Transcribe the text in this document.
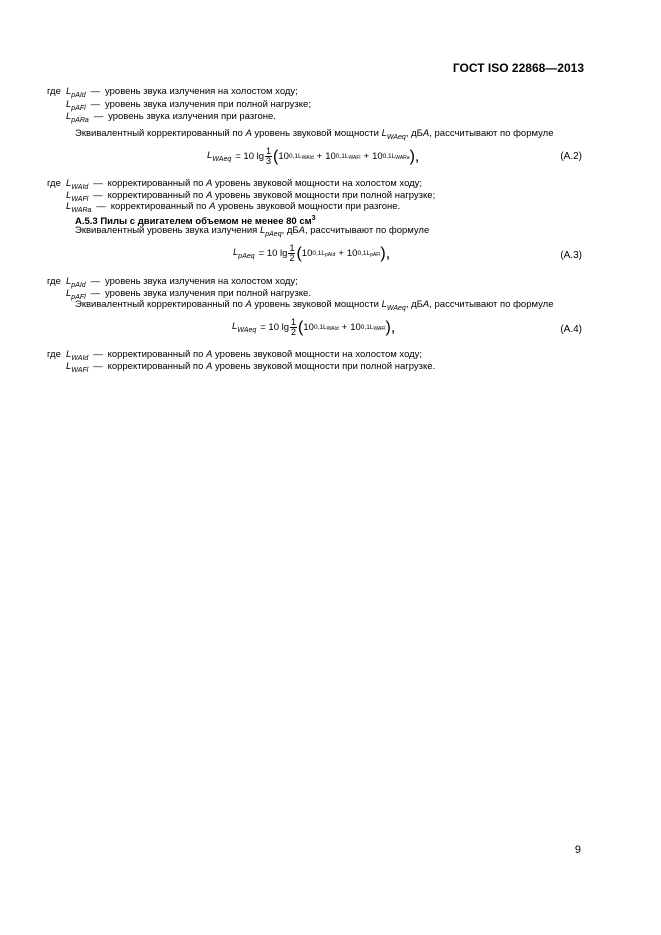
ГОСТ ISO 22868—2013
где $L_{pAId}$ — уровень звука излучения на холостом ходу;
$L_{pAFl}$ — уровень звука излучения при полной нагрузке;
$L_{pARa}$ — уровень звука излучения при разгоне.
Эквивалентный корректированный по А уровень звуковой мощности $L_{WAeq}$, дБА, рассчитывают по формуле
$L_{WAeq} = 10$ $\lg \frac{1}{3}$ ( 10 $0,1L_{WAId} + 10$ $0,1L_{WAFl} + 10$ $0,1L_{WARa}$ ),	(A.2)
где $L_{WAId}$ — корректированный по А уровень звуковой мощности на холостом ходу;
$L_{WAFl}$ — корректированный по А уровень звуковой мощности при полной нагрузке;
$L_{WARa}$ — корректированный по А уровень звуковой мощности при разгоне.
А.5.3 Пилы с двигателем объемом не менее 80 $см^3$
Эквивалентный уровень звука излучения $L_{pAeq}$, дБА, рассчитывают по формуле
$L_{pAeq} = 10$ $\lg \frac{1}{2}$ ( 10 $0,1L_{pAId} + 10$ $0,1L_{pAFl}$ ),	(A.3)
где $L_{pAId}$ — уровень звука излучения на холостом ходу;
$L_{pAFl}$ — уровень звука излучения при полной нагрузке.
Эквивалентный корректированный по А уровень звуковой мощности $L_{WAeq}$, дБА, рассчитывают по формуле
$L_{WAeq} = 10$ $\lg \frac{1}{2}$ ( 10 $0,1L_{WAId} + 10$ $0,1L_{WAFl}$ ),	(A.4)
где $L_{WAId}$ — корректированный по А уровень звуковой мощности на холостом ходу;
$L_{WAFl}$ — корректированный по А уровень звуковой мощности при полной нагрузке.
9
